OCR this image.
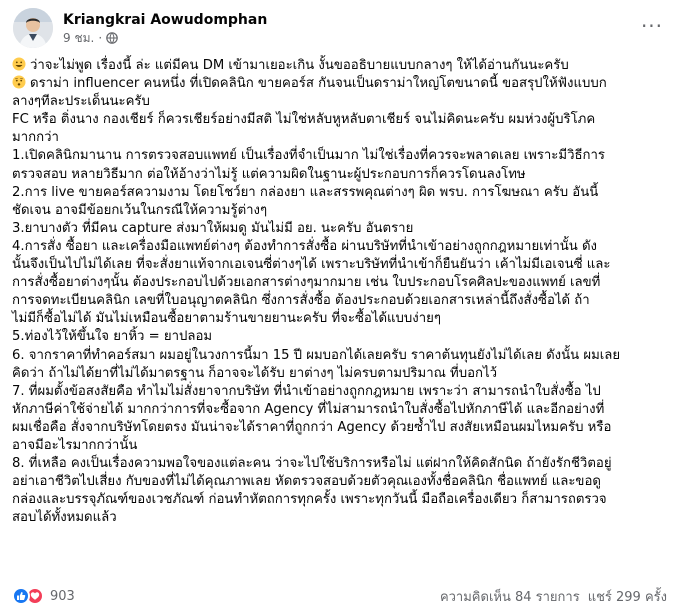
Kriangkrai Aowudomphan
9 ชม. ·	···
ว่าจะไม่พูด เรื่องนี้ ล่ะ แต่มีคน DM เข้ามาเยอะเกิน งั้นขออธิบายแบบกลางๆ ให้ได้อ่านกันนะครับ
ดราม่า influencer คนหนึ่ง ที่เปิดคลินิก ขายคอร์ส กันจนเป็นดราม่าใหญ่โตขนาดนี้ ขอสรุปให้ฟังแบบก
ลางๆทีละประเด็นนะครับ
FC หรือ ติ่งนาง กองเชียร์ ก็ควรเชียร์อย่างมีสติ ไม่ใช่หลับหูหลับตาเชียร์ จนไม่คิดนะครับ ผมห่วงผู้บริโภค
มากกว่า
1.เปิดคลินิกมานาน การตรวจสอบแพทย์ เป็นเรื่องที่จำเป็นมาก ไม่ใช่เรื่องที่ควรจะพลาดเลย เพราะมีวิธีการ
ตรวจสอบ หลายวิธีมาก ต่อให้อ้างว่าไม่รู้ แต่ความผิดในฐานะผู้ประกอบการก็ควรโดนลงโทษ
2.การ live ขายคอร์สความงาม โดยโชว์ยา กล่องยา และสรรพคุณต่างๆ ผิด พรบ. การโฆษณา ครับ อันนี้
ชัดเจน อาจมีข้อยกเว้นในกรณีให้ความรู้ต่างๆ
3.ยาบางตัว ที่มีคน capture ส่งมาให้ผมดู มันไม่มี อย. นะครับ อันตราย
4.การสั่ง ซื้อยา และเครื่องมือแพทย์ต่างๆ ต้องทำการสั่งซื้อ ผ่านบริษัทที่นำเข้าอย่างถูกกฎหมายเท่านั้น ดัง
นั้นจึงเป็นไปไม่ได้เลย ที่จะสั่งยาแท้จากเอเจนซี่ต่างๆได้ เพราะบริษัทที่นำเข้าก็ยืนยันว่า เค้าไม่มีเอเจนซี่ และ
การสั่งซื้อยาต่างๆนั้น ต้องประกอบไปด้วยเอกสารต่างๆมากมาย เช่น ใบประกอบโรคศิลปะของแพทย์ เลขที่
การจดทะเบียนคลินิก เลขที่ใบอนุญาตคลินิก ซึ่งการสั่งซื้อ ต้องประกอบด้วยเอกสารเหล่านี้ถึงสั่งซื้อได้ ถ้า
ไม่มีก็ซื้อไม่ได้ มันไม่เหมือนซื้อยาตามร้านขายยานะครับ ที่จะซื้อได้แบบง่ายๆ
5.ท่องไว้ให้ขึ้นใจ ยาหิ้ว = ยาปลอม
6. จากราคาที่ทำคอร์สมา ผมอยู่ในวงการนี้มา 15 ปี ผมบอกได้เลยครับ ราคาต้นทุนยังไม่ได้เลย ดังนั้น ผมเลย
คิดว่า ถ้าไม่ได้ยาที่ไม่ได้มาตรฐาน ก็อาจจะได้รับ ยาต่างๆ ไม่ครบตามปริมาณ ที่บอกไว้
7. ที่ผมตั้งข้อสงสัยคือ ทำไมไม่สั่งยาจากบริษัท ที่นำเข้าอย่างถูกกฎหมาย เพราะว่า สามารถนำใบสั่งซื้อ ไป
หักภาษีค่าใช้จ่ายได้ มากกว่าการที่จะซื้อจาก Agency ที่ไม่สามารถนำใบสั่งซื้อไปหักภาษีได้ และอีกอย่างที่
ผมเชื่อคือ สั่งจากบริษัทโดยตรง มันน่าจะได้ราคาที่ถูกกว่า Agency ด้วยซ้ำไป สงสัยเหมือนผมไหมครับ หรือ
อาจมีอะไรมากกว่านั้น
8. ที่เหลือ คงเป็นเรื่องความพอใจของแต่ละคน ว่าจะไปใช้บริการหรือไม่ แต่ฝากให้คิดสักนิด ถ้ายังรักชีวิตอยู่
อย่าเอาชีวิตไปเสี่ยง กับของที่ไม่ได้คุณภาพเลย หัดตรวจสอบด้วยตัวคุณเองทั้งชื่อคลินิก ชื่อแพทย์ และขอดู
กล่องและบรรจุภัณฑ์ของเวชภัณฑ์ ก่อนทำหัตถการทุกครั้ง เพราะทุกวันนี้ มือถือเครื่องเดียว ก็สามารถตรวจ
สอบได้ทั้งหมดแล้ว
903	ความคิดเห็น 84 รายการ แชร์ 299 ครั้ง
